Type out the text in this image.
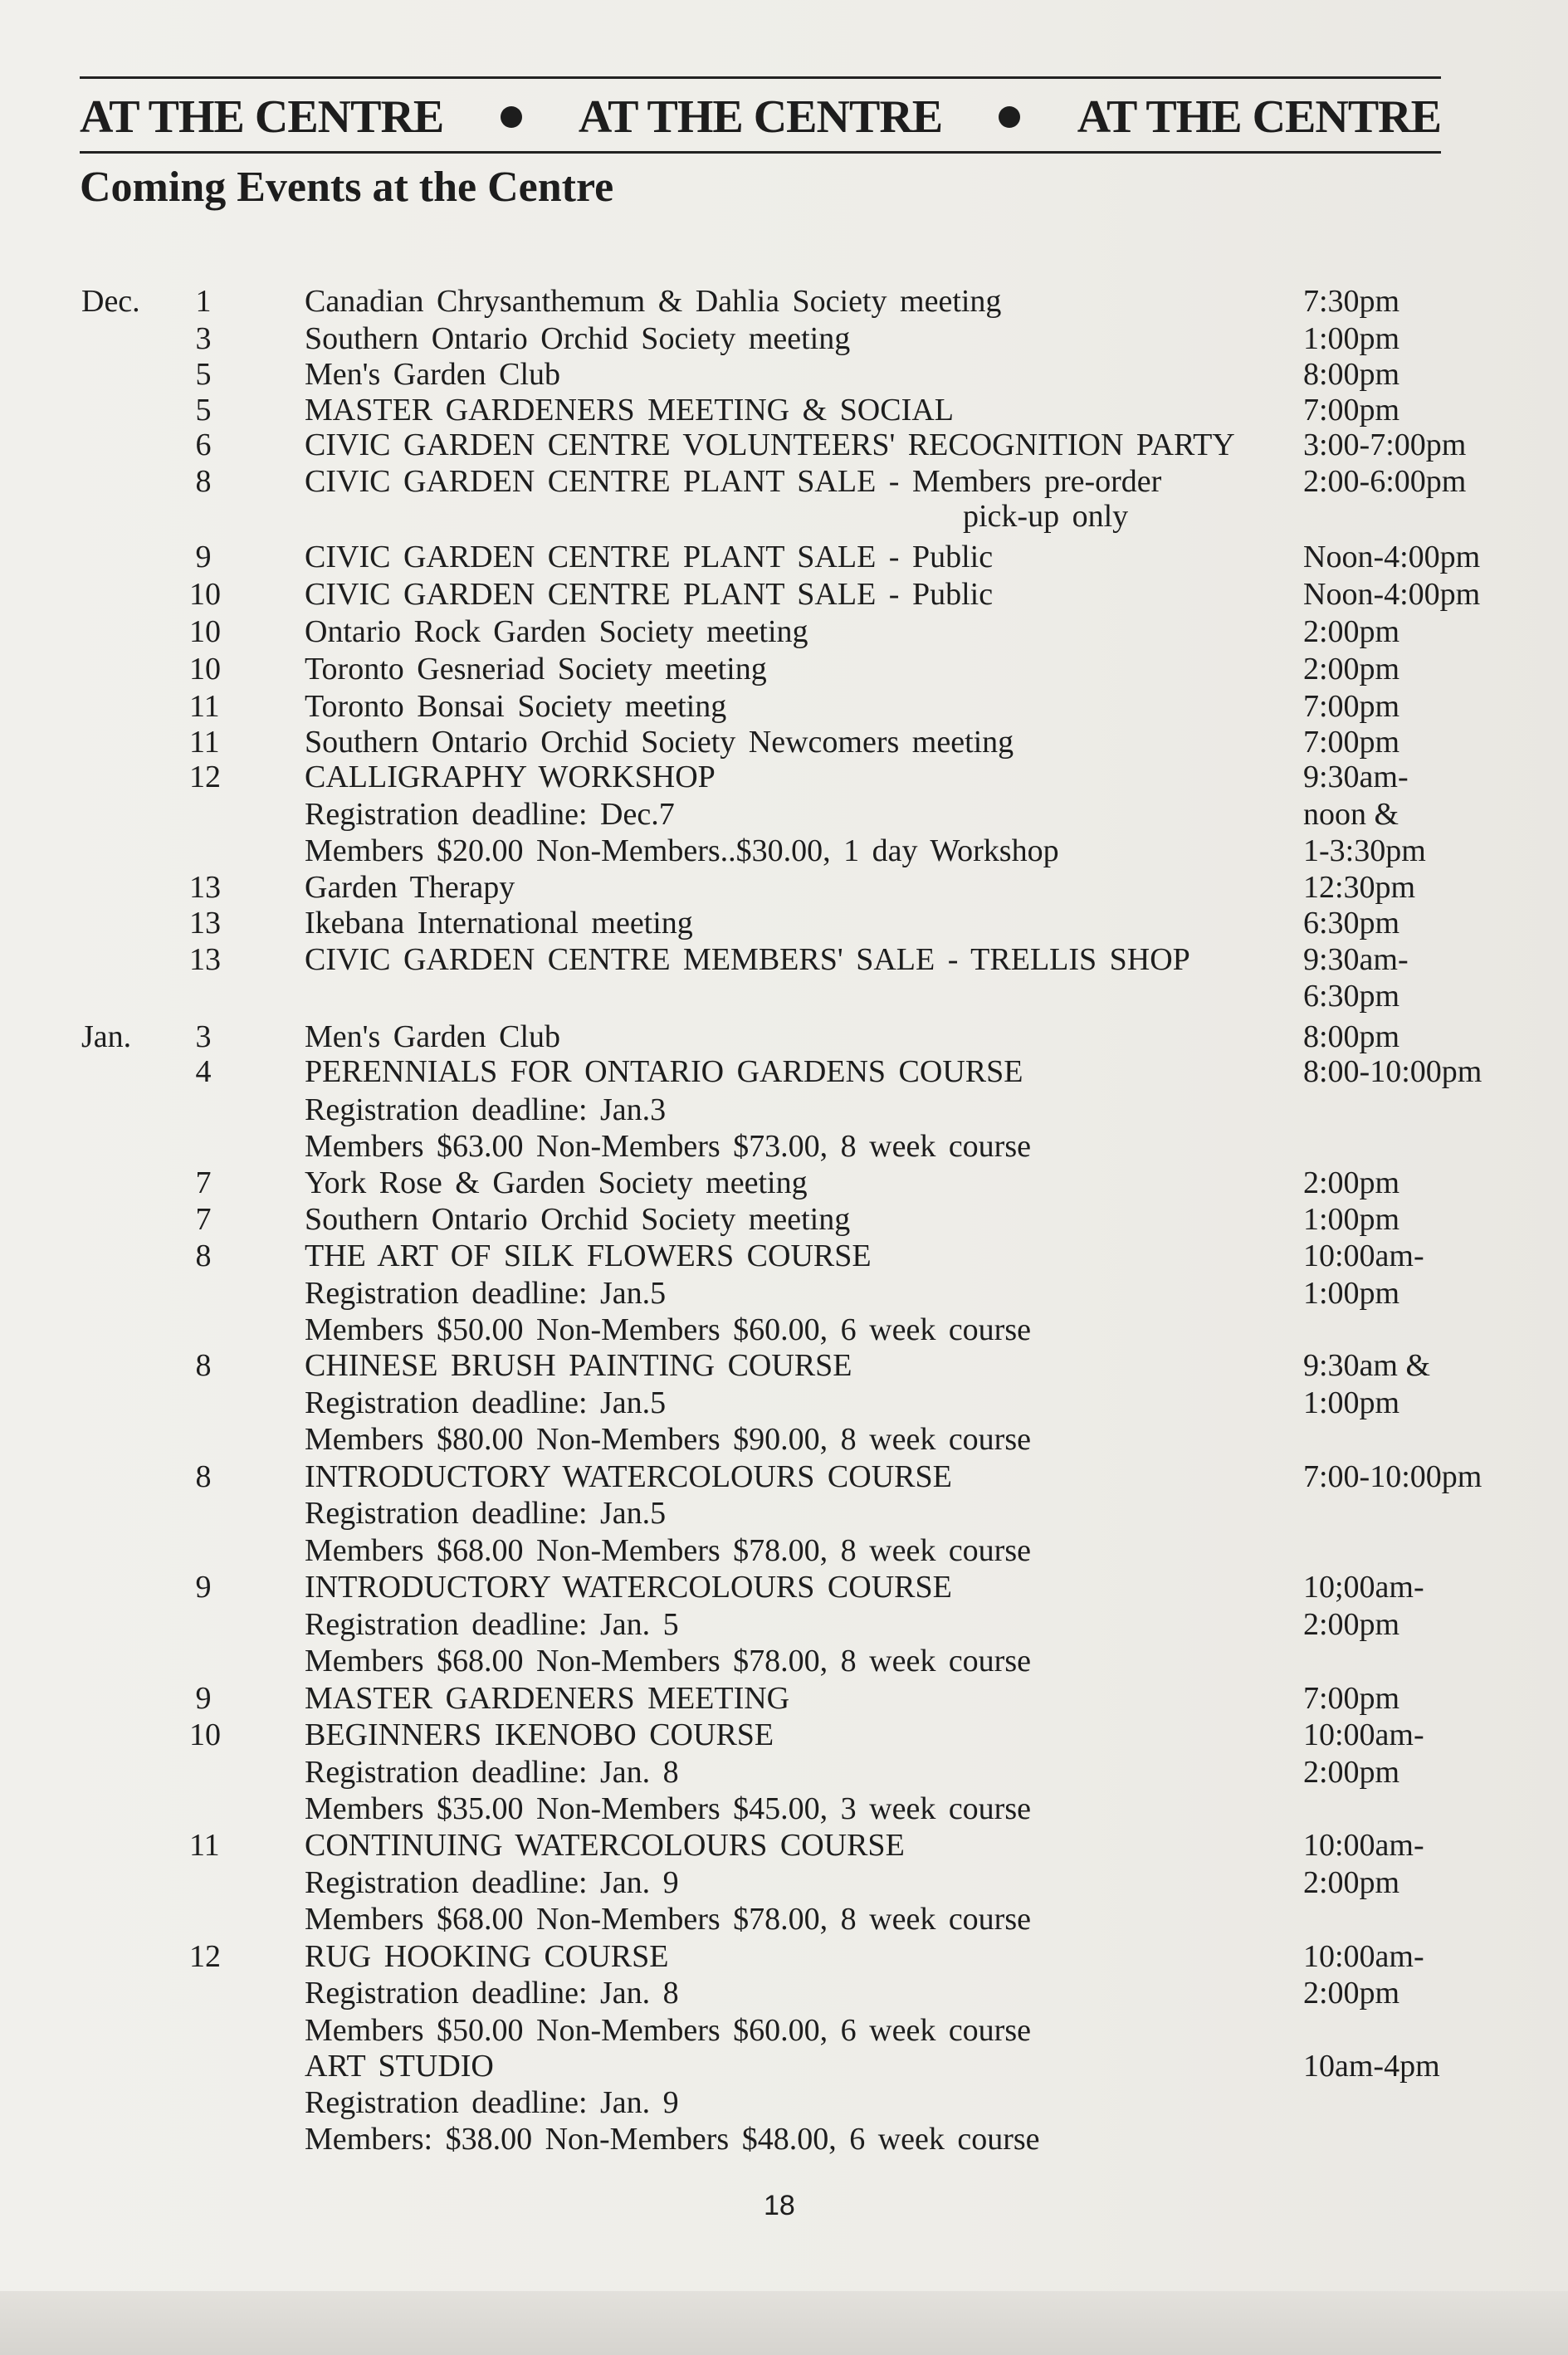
AT THE CENTRE	AT THE CENTRE	AT THE CENTRE
Coming Events at the Centre
Dec. 1	Canadian Chrysanthemum & Dahlia Society meeting	7:30pm
3	Southern Ontario Orchid Society meeting	1:00pm
5	Men's Garden Club	8:00pm
5	MASTER GARDENERS MEETING & SOCIAL	7:00pm
6	CIVIC GARDEN CENTRE VOLUNTEERS' RECOGNITION PARTY	3:00-7:00pm
8	CIVIC GARDEN CENTRE PLANT SALE - Members pre-order	2:00-6:00pm
pick-up only
9	CIVIC GARDEN CENTRE PLANT SALE - Public	Noon-4:00pm
10	CIVIC GARDEN CENTRE PLANT SALE - Public	Noon-4:00pm
10	Ontario Rock Garden Society meeting	2:00pm
10	Toronto Gesneriad Society meeting	2:00pm
11	Toronto Bonsai Society meeting	7:00pm
11	Southern Ontario Orchid Society Newcomers meeting	7:00pm
12	CALLIGRAPHY WORKSHOP	9:30am-
Registration deadline: Dec.7	noon &
Members $20.00 Non-Members..$30.00, 1 day Workshop	1-3:30pm
13	Garden Therapy	12:30pm
13	Ikebana International meeting	6:30pm
13	CIVIC GARDEN CENTRE MEMBERS' SALE - TRELLIS SHOP	9:30am-
6:30pm
Jan. 3	Men's Garden Club	8:00pm
4	PERENNIALS FOR ONTARIO GARDENS COURSE	8:00-10:00pm
Registration deadline: Jan.3
Members $63.00 Non-Members $73.00, 8 week course
7	York Rose & Garden Society meeting	2:00pm
7	Southern Ontario Orchid Society meeting	1:00pm
8	THE ART OF SILK FLOWERS COURSE	10:00am-
Registration deadline: Jan.5	1:00pm
Members $50.00 Non-Members $60.00, 6 week course
8	CHINESE BRUSH PAINTING COURSE	9:30am &
Registration deadline: Jan.5	1:00pm
Members $80.00 Non-Members $90.00, 8 week course
8	INTRODUCTORY WATERCOLOURS COURSE	7:00-10:00pm
Registration deadline: Jan.5
Members $68.00 Non-Members $78.00, 8 week course
9	INTRODUCTORY WATERCOLOURS COURSE	10;00am-
Registration deadline: Jan. 5	2:00pm
Members $68.00 Non-Members $78.00, 8 week course
9	MASTER GARDENERS MEETING	7:00pm
10	BEGINNERS IKENOBO COURSE	10:00am-
Registration deadline: Jan. 8	2:00pm
Members $35.00 Non-Members $45.00, 3 week course
11	CONTINUING WATERCOLOURS COURSE	10:00am-
Registration deadline: Jan. 9	2:00pm
Members $68.00 Non-Members $78.00, 8 week course
12	RUG HOOKING COURSE	10:00am-
Registration deadline: Jan. 8	2:00pm
Members $50.00 Non-Members $60.00, 6 week course
ART STUDIO	10am-4pm
Registration deadline: Jan. 9
Members: $38.00 Non-Members $48.00, 6 week course
18
